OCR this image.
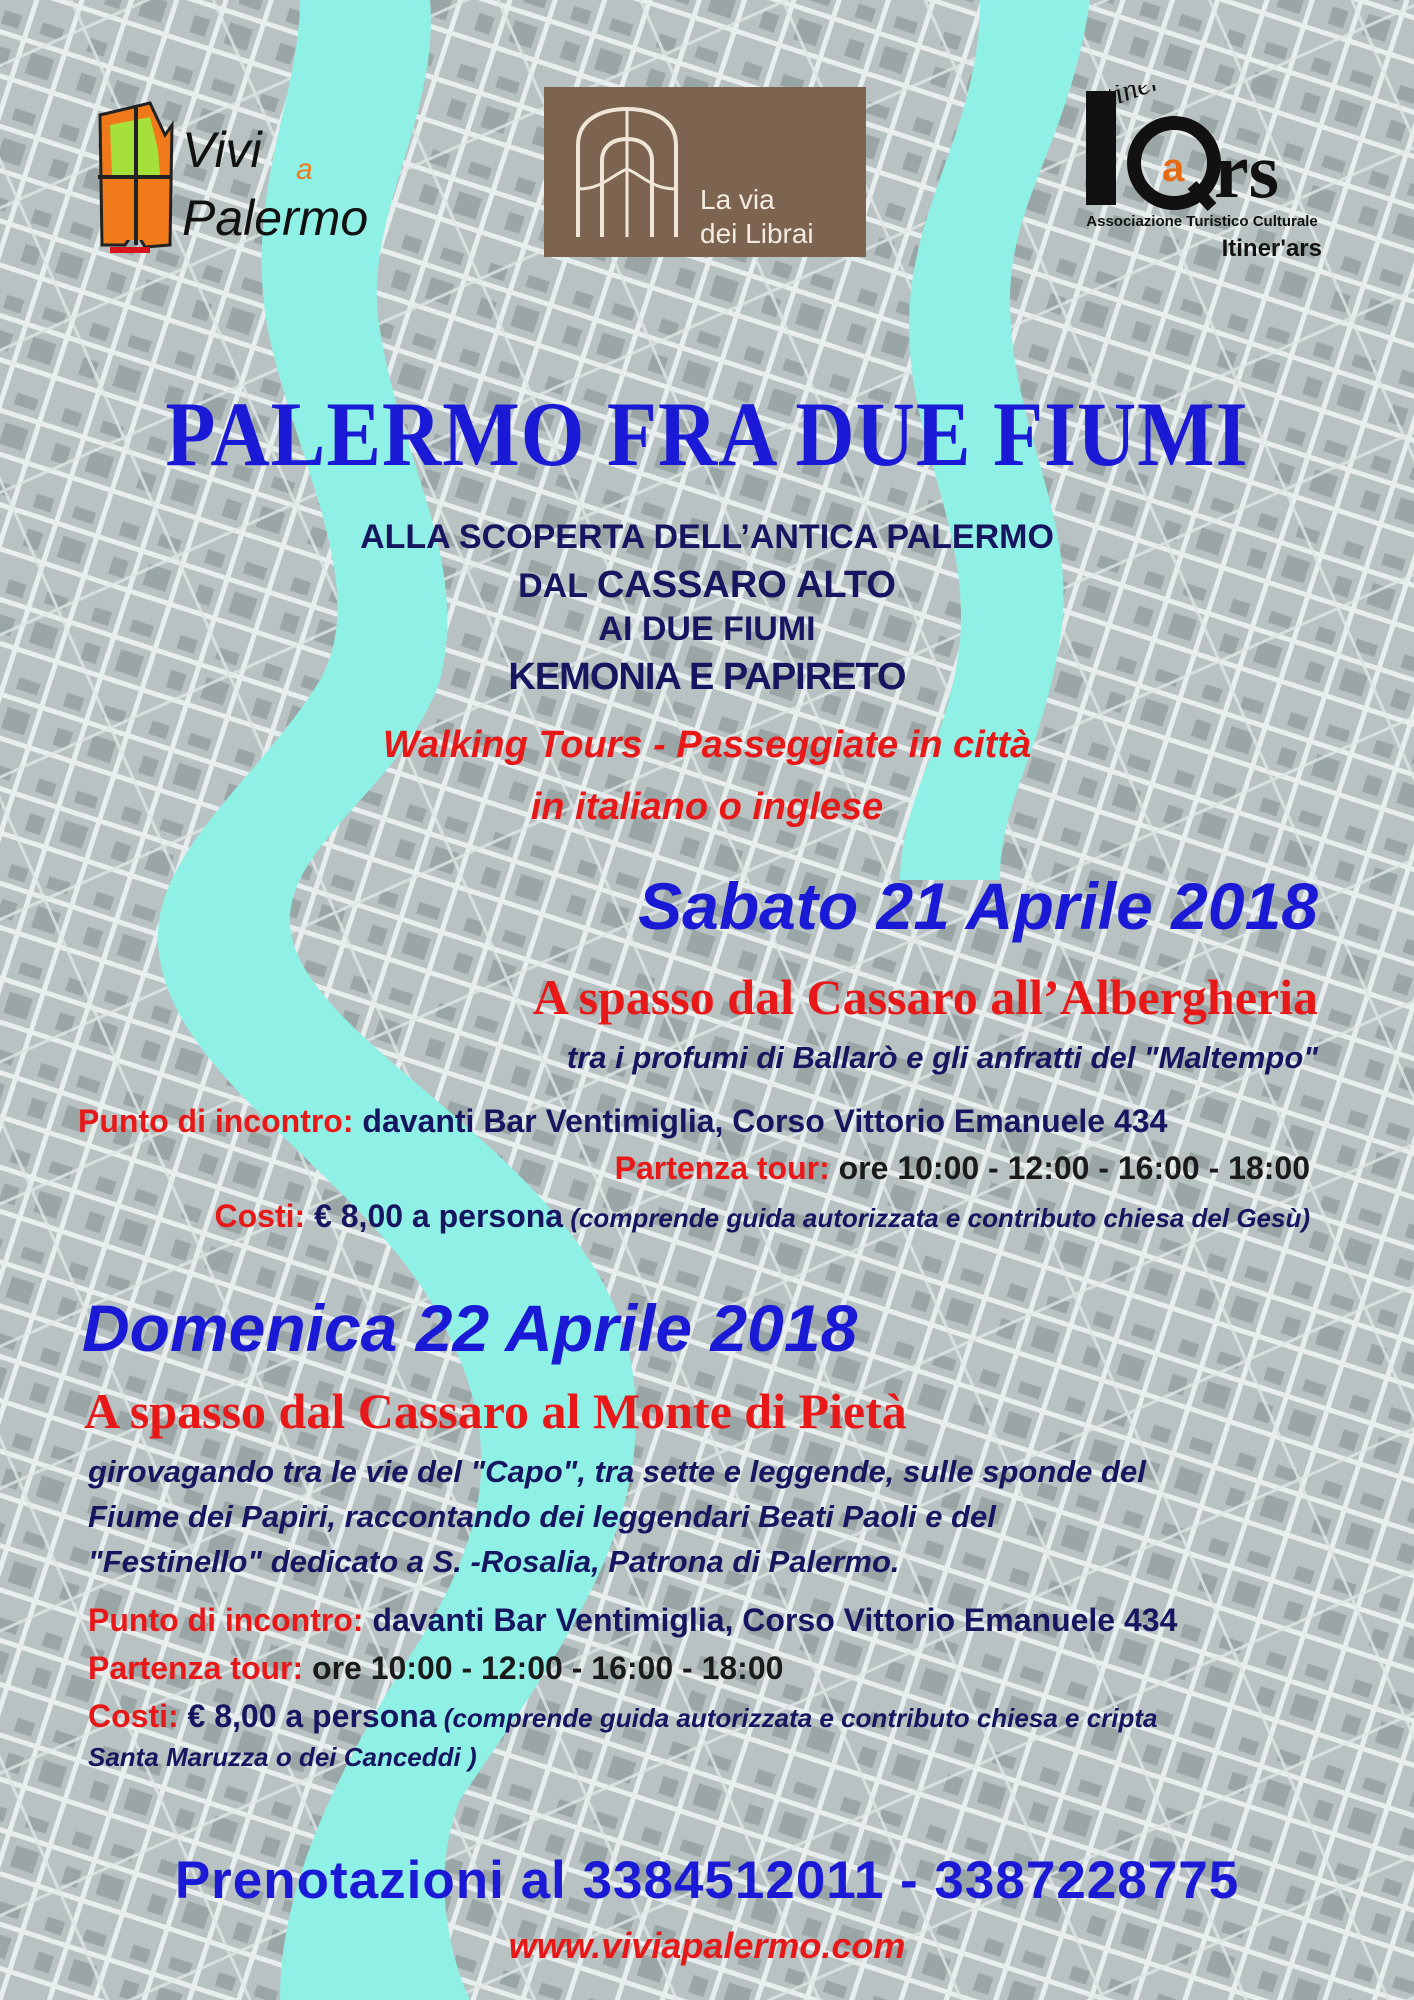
Vivi a
Palermo	La via
dei Librai
tiner'
a rs
Associazione Turistico Culturale
Itiner'ars
PALERMO FRA DUE FIUMI
ALLA SCOPERTA DELL’ANTICA PALERMO
DAL CASSARO ALTO
AI DUE FIUMI
KEMONIA E PAPIRETO
Walking Tours - Passeggiate in città
in italiano o inglese
Sabato 21 Aprile 2018
A spasso dal Cassaro all’Albergheria
tra i profumi di Ballarò e gli anfratti del "Maltempo"
Punto di incontro: davanti Bar Ventimiglia, Corso Vittorio Emanuele 434
Partenza tour: ore 10:00 - 12:00 - 16:00 - 18:00
Costi: € 8,00 a persona (comprende guida autorizzata e contributo chiesa del Gesù)
Domenica 22 Aprile 2018
A spasso dal Cassaro al Monte di Pietà
girovagando tra le vie del "Capo", tra sette e leggende, sulle sponde del
Fiume dei Papiri, raccontando dei leggendari Beati Paoli e del
"Festinello" dedicato a S. -Rosalia, Patrona di Palermo.
Punto di incontro: davanti Bar Ventimiglia, Corso Vittorio Emanuele 434
Partenza tour: ore 10:00 - 12:00 - 16:00 - 18:00
Costi: € 8,00 a persona (comprende guida autorizzata e contributo chiesa e cripta
Santa Maruzza o dei Canceddi )
Prenotazioni al 3384512011 - 3387228775
www.viviapalermo.com
